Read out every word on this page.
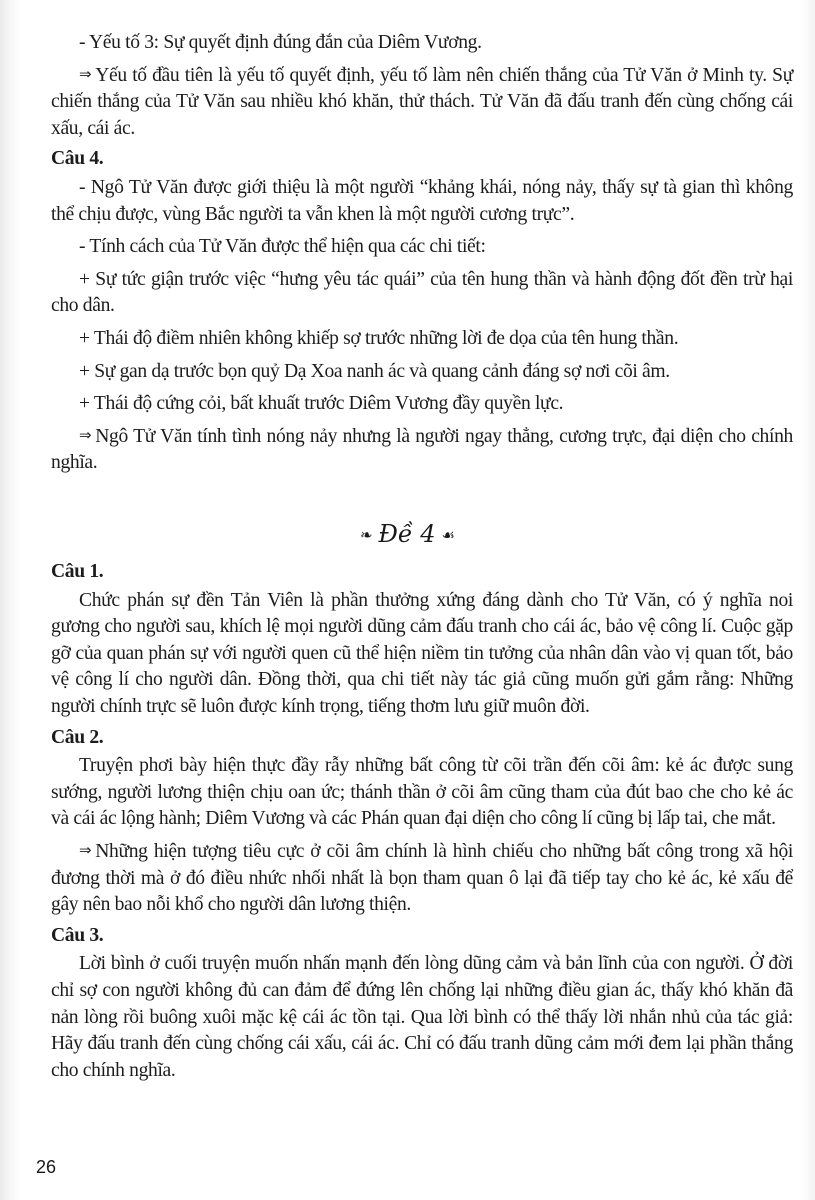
- Yếu tố 3: Sự quyết định đúng đắn của Diêm Vương.

⇒ Yếu tố đầu tiên là yếu tố quyết định, yếu tố làm nên chiến thắng của Tử Văn ở Minh ty. Sự chiến thắng của Tử Văn sau nhiều khó khăn, thử thách. Tử Văn đã đấu tranh đến cùng chống cái xấu, cái ác.

Câu 4.

- Ngô Tử Văn được giới thiệu là một người “khảng khái, nóng nảy, thấy sự tà gian thì không thể chịu được, vùng Bắc người ta vẫn khen là một người cương trực”.

- Tính cách của Tử Văn được thể hiện qua các chi tiết:

+ Sự tức giận trước việc “hưng yêu tác quái” của tên hung thần và hành động đốt đền trừ hại cho dân.

+ Thái độ điềm nhiên không khiếp sợ trước những lời đe dọa của tên hung thần.

+ Sự gan dạ trước bọn quỷ Dạ Xoa nanh ác và quang cảnh đáng sợ nơi cõi âm.

+ Thái độ cứng cỏi, bất khuất trước Diêm Vương đầy quyền lực.

⇒ Ngô Tử Văn tính tình nóng nảy nhưng là người ngay thẳng, cương trực, đại diện cho chính nghĩa.

❧ Đề 4 ☙
Câu 1.

Chức phán sự đền Tản Viên là phần thưởng xứng đáng dành cho Tử Văn, có ý nghĩa noi gương cho người sau, khích lệ mọi người dũng cảm đấu tranh cho cái ác, bảo vệ công lí. Cuộc gặp gỡ của quan phán sự với người quen cũ thể hiện niềm tin tưởng của nhân dân vào vị quan tốt, bảo vệ công lí cho người dân. Đồng thời, qua chi tiết này tác giả cũng muốn gửi gắm rằng: Những người chính trực sẽ luôn được kính trọng, tiếng thơm lưu giữ muôn đời.

Câu 2.

Truyện phơi bày hiện thực đầy rẫy những bất công từ cõi trần đến cõi âm: kẻ ác được sung sướng, người lương thiện chịu oan ức; thánh thần ở cõi âm cũng tham của đút bao che cho kẻ ác và cái ác lộng hành; Diêm Vương và các Phán quan đại diện cho công lí cũng bị lấp tai, che mắt.

⇒ Những hiện tượng tiêu cực ở cõi âm chính là hình chiếu cho những bất công trong xã hội đương thời mà ở đó điều nhức nhối nhất là bọn tham quan ô lại đã tiếp tay cho kẻ ác, kẻ xấu để gây nên bao nỗi khổ cho người dân lương thiện.

Câu 3.

Lời bình ở cuối truyện muốn nhấn mạnh đến lòng dũng cảm và bản lĩnh của con người. Ở đời chỉ sợ con người không đủ can đảm để đứng lên chống lại những điều gian ác, thấy khó khăn đã nản lòng rồi buông xuôi mặc kệ cái ác tồn tại. Qua lời bình có thể thấy lời nhắn nhủ của tác giả: Hãy đấu tranh đến cùng chống cái xấu, cái ác. Chỉ có đấu tranh dũng cảm mới đem lại phần thắng cho chính nghĩa.

26
